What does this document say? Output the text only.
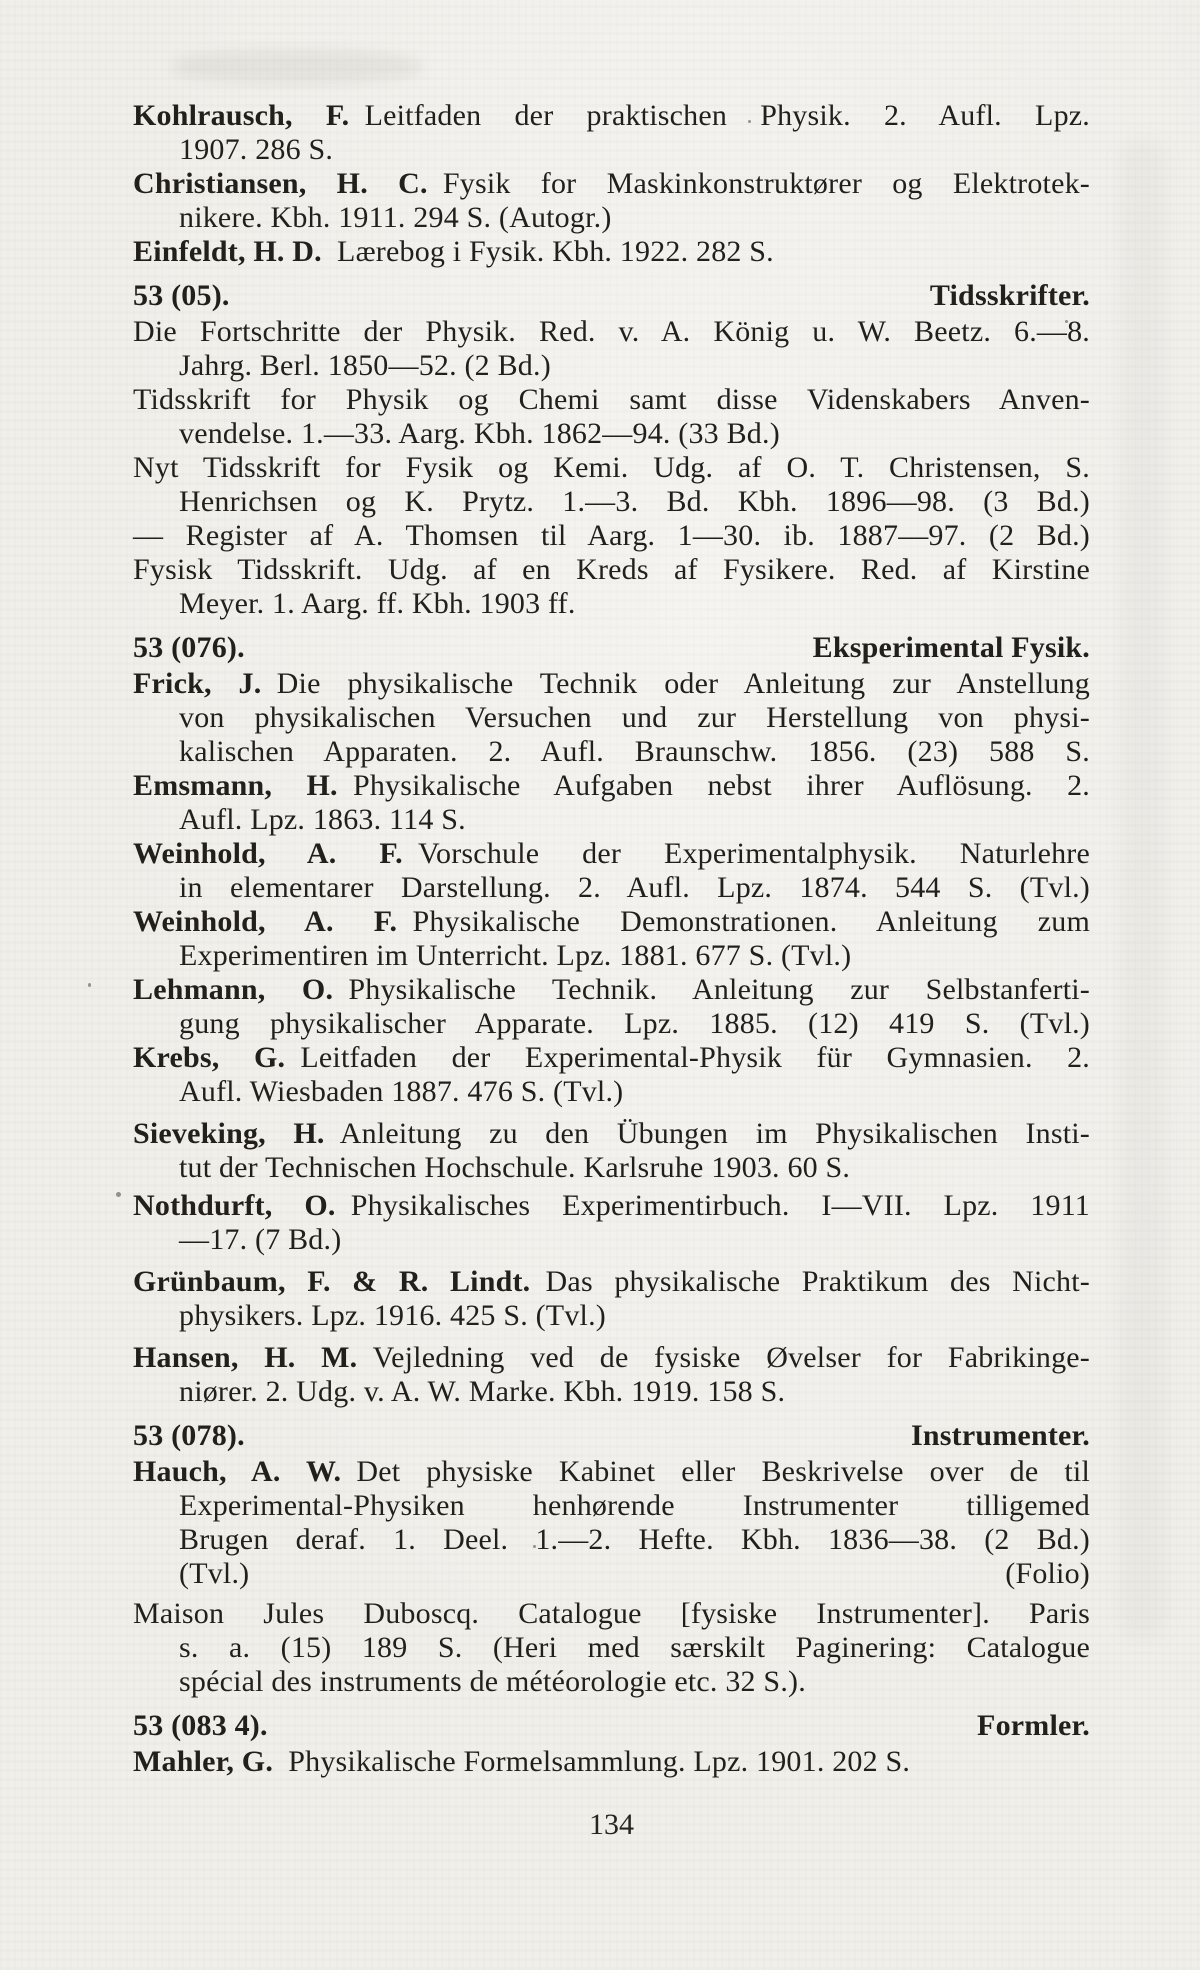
Kohlrausch, F. Leitfaden der praktischen Physik. 2. Aufl. Lpz.
1907. 286 S.
Christiansen, H. C. Fysik for Maskinkonstruktører og Elektrotek-
nikere. Kbh. 1911. 294 S. (Autogr.)
Einfeldt, H. D. Lærebog i Fysik. Kbh. 1922. 282 S.
53 (05).	Tidsskrifter.
Die Fortschritte der Physik. Red. v. A. König u. W. Beetz. 6.—8.
Jahrg. Berl. 1850—52. (2 Bd.)
Tidsskrift for Physik og Chemi samt disse Videnskabers Anven-
vendelse. 1.—33. Aarg. Kbh. 1862—94. (33 Bd.)
Nyt Tidsskrift for Fysik og Kemi. Udg. af O. T. Christensen, S.
Henrichsen og K. Prytz. 1.—3. Bd. Kbh. 1896—98. (3 Bd.)
— Register af A. Thomsen til Aarg. 1—30. ib. 1887—97. (2 Bd.)
Fysisk Tidsskrift. Udg. af en Kreds af Fysikere. Red. af Kirstine
Meyer. 1. Aarg. ff. Kbh. 1903 ff.
53 (076).	Eksperimental Fysik.
Frick, J. Die physikalische Technik oder Anleitung zur Anstellung
von physikalischen Versuchen und zur Herstellung von physi-
kalischen Apparaten. 2. Aufl. Braunschw. 1856. (23) 588 S.
Emsmann, H. Physikalische Aufgaben nebst ihrer Auflösung. 2.
Aufl. Lpz. 1863. 114 S.
Weinhold, A. F. Vorschule der Experimentalphysik. Naturlehre
in elementarer Darstellung. 2. Aufl. Lpz. 1874. 544 S. (Tvl.)
Weinhold, A. F. Physikalische Demonstrationen. Anleitung zum
Experimentiren im Unterricht. Lpz. 1881. 677 S. (Tvl.)
Lehmann, O. Physikalische Technik. Anleitung zur Selbstanferti-
gung physikalischer Apparate. Lpz. 1885. (12) 419 S. (Tvl.)
Krebs, G. Leitfaden der Experimental-Physik für Gymnasien. 2.
Aufl. Wiesbaden 1887. 476 S. (Tvl.)
Sieveking, H. Anleitung zu den Übungen im Physikalischen Insti-
tut der Technischen Hochschule. Karlsruhe 1903. 60 S.
Nothdurft, O. Physikalisches Experimentirbuch. I—VII. Lpz. 1911
—17. (7 Bd.)
Grünbaum, F. & R. Lindt. Das physikalische Praktikum des Nicht-
physikers. Lpz. 1916. 425 S. (Tvl.)
Hansen, H. M. Vejledning ved de fysiske Øvelser for Fabrikinge-
niører. 2. Udg. v. A. W. Marke. Kbh. 1919. 158 S.
53 (078).	Instrumenter.
Hauch, A. W. Det physiske Kabinet eller Beskrivelse over de til
Experimental-Physiken henhørende Instrumenter tilligemed
Brugen deraf. 1. Deel. 1.—2. Hefte. Kbh. 1836—38. (2 Bd.)
(Tvl.)	(Folio)
Maison Jules Duboscq. Catalogue [fysiske Instrumenter]. Paris
s. a. (15) 189 S. (Heri med særskilt Paginering: Catalogue
spécial des instruments de météorologie etc. 32 S.).
53 (083 4).	Formler.
Mahler, G. Physikalische Formelsammlung. Lpz. 1901. 202 S.
134
